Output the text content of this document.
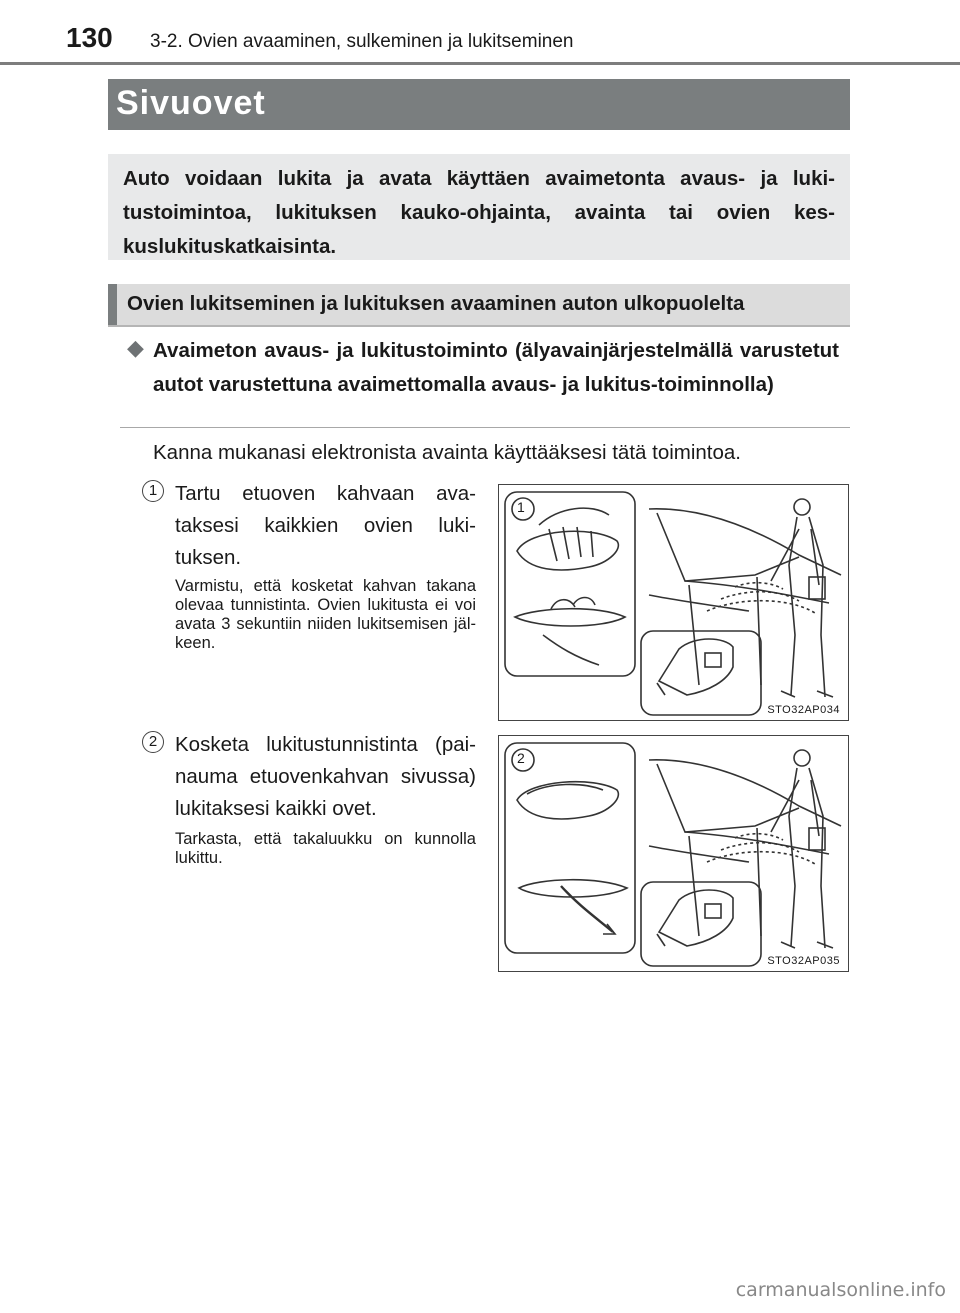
130 3-2. Ovien avaaminen, sulkeminen ja lukitseminen
Sivuovet
Auto voidaan lukita ja avata käyttäen avaimetonta avaus- ja luki-tustoimintoa, lukituksen kauko-ohjainta, avainta tai ovien kes-kuslukituskatkaisinta.
Ovien lukitseminen ja lukituksen avaaminen auton ulkopuolelta
◆ Avaimeton avaus- ja lukitustoiminto (älyavainjärjestelmällä varustetut autot varustettuna avaimettomalla avaus- ja lukitus-toiminnolla)
Kanna mukanasi elektronista avainta käyttääksesi tätä toimintoa.
1 Tartu etuoven kahvaan ava-taksesi kaikkien ovien luki-tuksen.
Varmistu, että kosketat kahvan takana olevaa tunnistinta. Ovien lukitusta ei voi avata 3 sekuntiin niiden lukitsemisen jäl-keen.
1
STO32AP034
2 Kosketa lukitustunnistinta (pai-nauma etuovenkahvan sivussa) lukitaksesi kaikki ovet.
Tarkasta, että takaluukku on kunnolla lukittu.
2
STO32AP035
carmanualsonline.info
